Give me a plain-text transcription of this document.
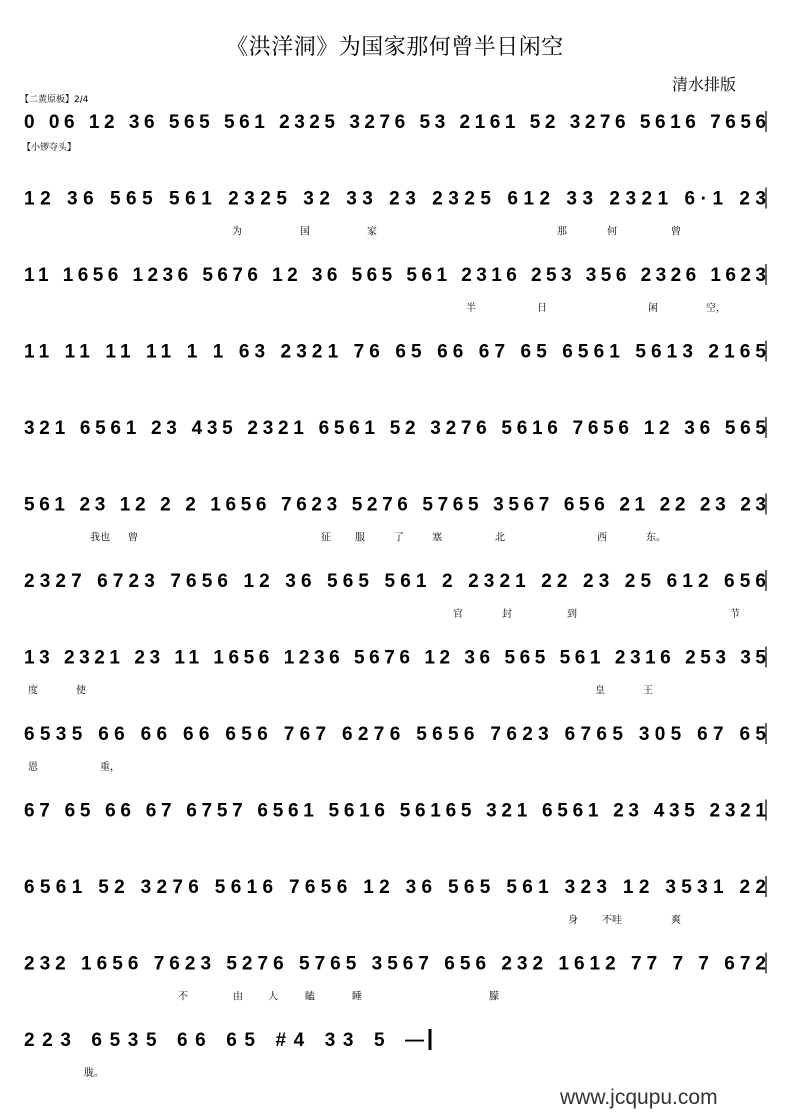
《洪洋洞》为国家那何曾半日闲空
清水排版
【二黄原板】2/4
【小锣夺头】
0 06 12 36 565 561 2325 3276 53 2161 52 3276 5616 7656
12 36 565 561 2325 32 33 23 2325 612 33 2321 6·1 23
为	国	家	那	何	曾
11 1656 1236 5676 12 36 565 561 2316 253 356 2326 1623
半	日	闲	空，
11 11 11 11 1 1 63 2321 76 65 66 67 65 6561 5613 2165
321 6561 23 435 2321 6561 52 3276 5616 7656 12 36 565
561 23 12 2 2 1656 7623 5276 5765 3567 656 21 22 23 23
我也 曾	征 服	了	塞	北	西	东。
2327 6723 7656 12 36 565 561 2 2321 22 23 25 612 656
官	封	到	节
13 2321 23 11 1656 1236 5676 12 36 565 561 2316 253 35
度	使	皇	王
6535 66 66 66 656 767 6276 5656 7623 6765 305 67 65
恩	重，
67 65 66 67 6757 6561 5616 56165 321 6561 23 435 2321
6561 52 3276 5616 7656 12 36 565 561 323 12 3531 22
身 不哇	爽
232 1656 7623 5276 5765 3567 656 232 1612 77 7 7 672
不	由	人	瞌	睡	朦
223 6535 66 65 #4 33 5 —
胧。
www.jcqupu.com
